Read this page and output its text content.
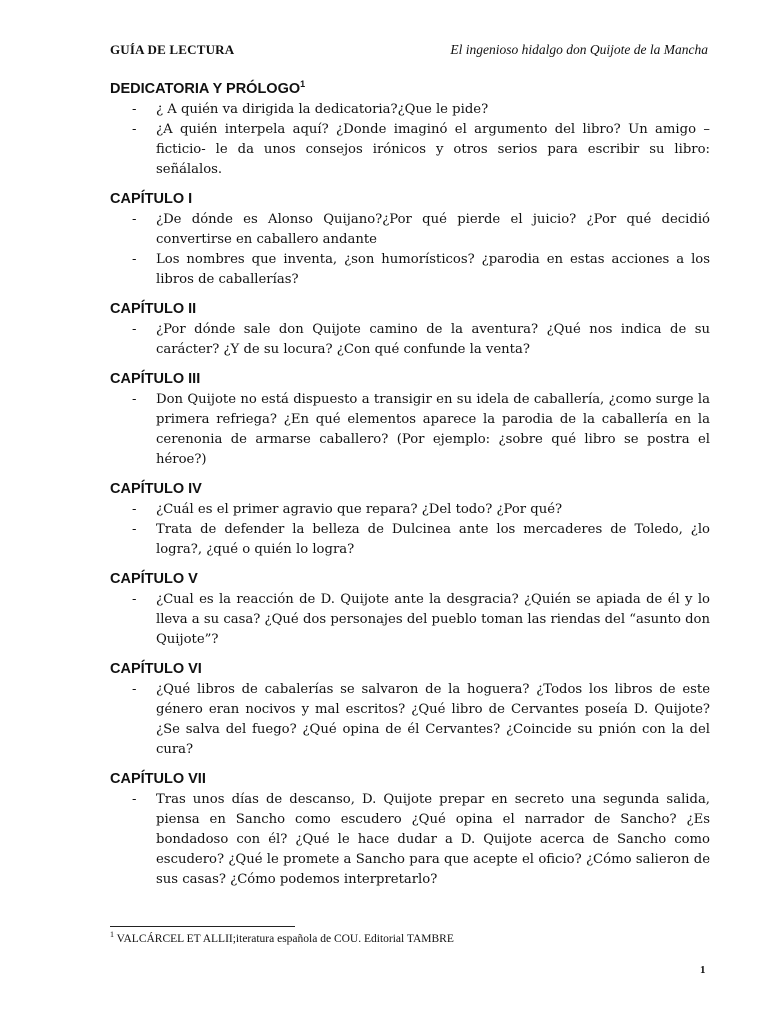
GUÍA DE LECTURA	El ingenioso hidalgo don Quijote de la Mancha
DEDICATORIA Y PRÓLOGO$^1$
- ¿ A quién va dirigida la dedicatoria?¿Que le pide?
- ¿A quién interpela aquí? ¿Donde imaginó el argumento del libro? Un amigo –ficticio- le da unos consejos irónicos y otros serios para escribir su libro: señálalos.
CAPÍTULO I
- ¿De dónde es Alonso Quijano?¿Por qué pierde el juicio? ¿Por qué decidió convertirse en caballero andante
- Los nombres que inventa, ¿son humorísticos? ¿parodia en estas acciones a los libros de caballerías?
CAPÍTULO II
- ¿Por dónde sale don Quijote camino de la aventura? ¿Qué nos indica de su carácter? ¿Y de su locura? ¿Con qué confunde la venta?
CAPÍTULO III
- Don Quijote no está dispuesto a transigir en su idela de caballería, ¿como surge la primera refriega? ¿En qué elementos aparece la parodia de la caballería en la cerenonia de armarse caballero? (Por ejemplo: ¿sobre qué libro se postra el héroe?)
CAPÍTULO IV
- ¿Cuál es el primer agravio que repara? ¿Del todo? ¿Por qué?
- Trata de defender la belleza de Dulcinea ante los mercaderes de Toledo, ¿lo logra?, ¿qué o quién lo logra?
CAPÍTULO V
- ¿Cual es la reacción de D. Quijote ante la desgracia? ¿Quién se apiada de él y lo lleva a su casa? ¿Qué dos personajes del pueblo toman las riendas del “asunto don Quijote”?
CAPÍTULO VI
- ¿Qué libros de cabalerías se salvaron de la hoguera? ¿Todos los libros de este género eran nocivos y mal escritos? ¿Qué libro de Cervantes poseía D. Quijote? ¿Se salva del fuego? ¿Qué opina de él Cervantes? ¿Coincide su pnión con la del cura?
CAPÍTULO VII
- Tras unos días de descanso, D. Quijote prepar en secreto una segunda salida, piensa en Sancho como escudero ¿Qué opina el narrador de Sancho? ¿Es bondadoso con él? ¿Qué le hace dudar a D. Quijote acerca de Sancho como escudero? ¿Qué le promete a Sancho para que acepte el oficio? ¿Cómo salieron de sus casas? ¿Cómo podemos interpretarlo?
$^1$ VALCÁRCEL ET ALLII;iteratura española de COU. Editorial TAMBRE
1
